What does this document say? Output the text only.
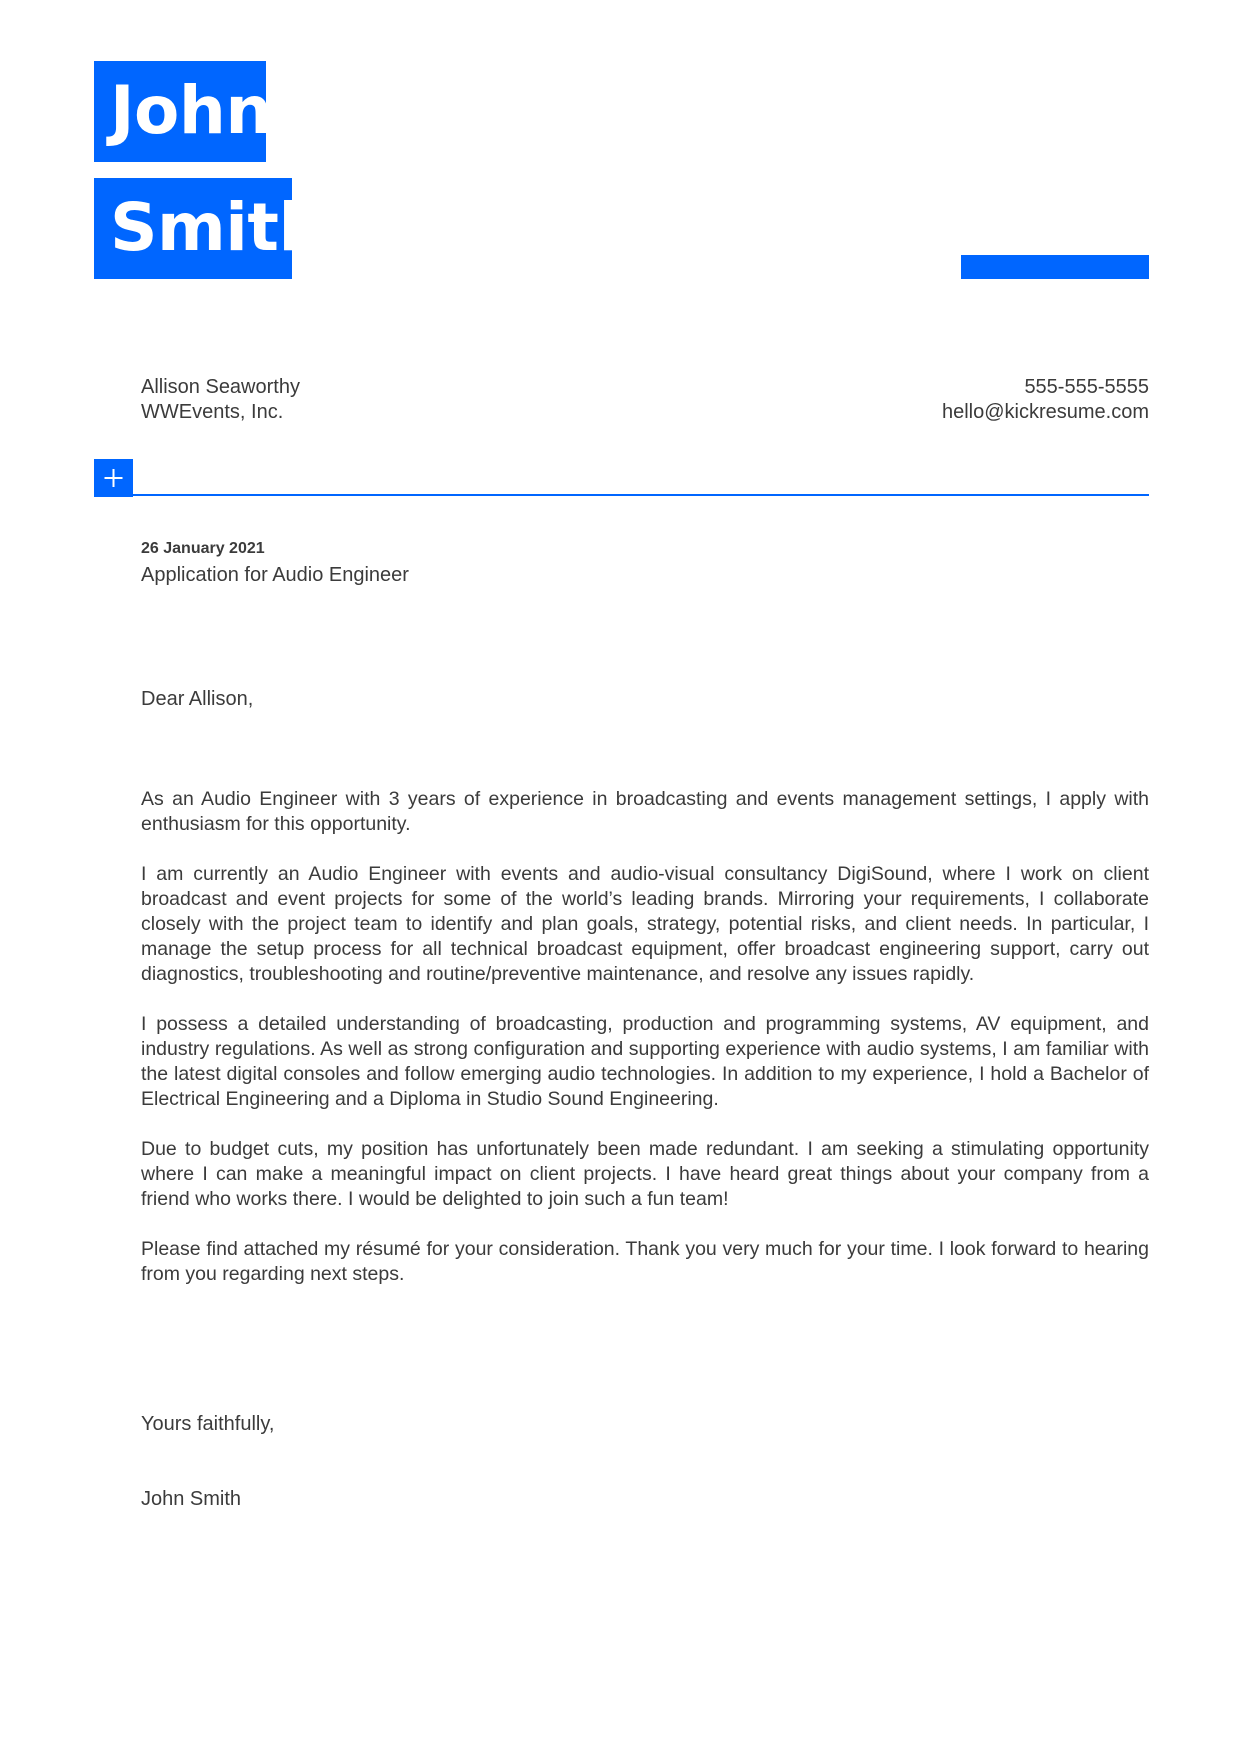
John
Smith
Allison Seaworthy
WWEvents, Inc.
555-555-5555
hello@kickresume.com
26 January 2021
Application for Audio Engineer
Dear Allison,

As an Audio Engineer with 3 years of experience in broadcasting and events management settings, I apply with enthusiasm for this opportunity.

I am currently an Audio Engineer with events and audio-visual consultancy DigiSound, where I work on client broadcast and event projects for some of the world’s leading brands. Mirroring your requirements, I collaborate closely with the project team to identify and plan goals, strategy, potential risks, and client needs. In particular, I manage the setup process for all technical broadcast equipment, offer broadcast engineering support, carry out diagnostics, troubleshooting and routine/preventive maintenance, and resolve any issues rapidly.

I possess a detailed understanding of broadcasting, production and programming systems, AV equipment, and industry regulations. As well as strong configuration and supporting experience with audio systems, I am familiar with the latest digital consoles and follow emerging audio technologies. In addition to my experience, I hold a Bachelor of Electrical Engineering and a Diploma in Studio Sound Engineering.

Due to budget cuts, my position has unfortunately been made redundant. I am seeking a stimulating opportunity where I can make a meaningful impact on client projects. I have heard great things about your company from a friend who works there. I would be delighted to join such a fun team!

Please find attached my résumé for your consideration. Thank you very much for your time. I look forward to hearing from you regarding next steps.

Yours faithfully,
John Smith
